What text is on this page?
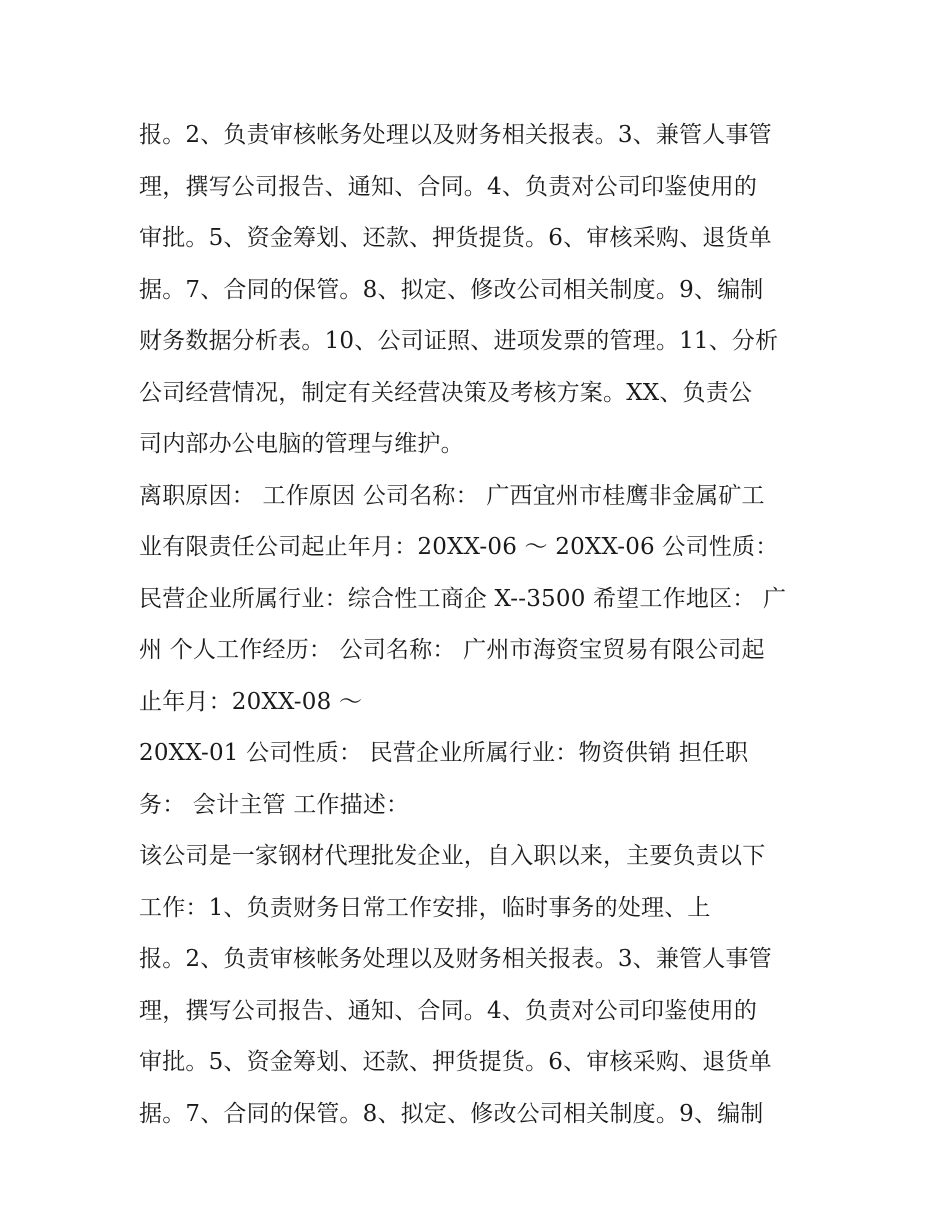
报。2、负责审核帐务处理以及财务相关报表。3、兼管人事管
理，撰写公司报告、通知、合同。4、负责对公司印鉴使用的
审批。5、资金筹划、还款、押货提货。6、审核采购、退货单
据。7、合同的保管。8、拟定、修改公司相关制度。9、编制
财务数据分析表。10、公司证照、进项发票的管理。11、分析
公司经营情况，制定有关经营决策及考核方案。XX、负责公
司内部办公电脑的管理与维护。
离职原因： 工作原因 公司名称： 广西宜州市桂鹰非金属矿工
业有限责任公司起止年月：20XX-06 ～ 20XX-06 公司性质：
民营企业所属行业：综合性工商企 X--3500 希望工作地区： 广
州 个人工作经历： 公司名称： 广州市海资宝贸易有限公司起
止年月：20XX-08 ～
20XX-01 公司性质： 民营企业所属行业：物资供销 担任职
务： 会计主管 工作描述：
该公司是一家钢材代理批发企业，自入职以来，主要负责以下
工作：1、负责财务日常工作安排，临时事务的处理、上
报。2、负责审核帐务处理以及财务相关报表。3、兼管人事管
理，撰写公司报告、通知、合同。4、负责对公司印鉴使用的
审批。5、资金筹划、还款、押货提货。6、审核采购、退货单
据。7、合同的保管。8、拟定、修改公司相关制度。9、编制
